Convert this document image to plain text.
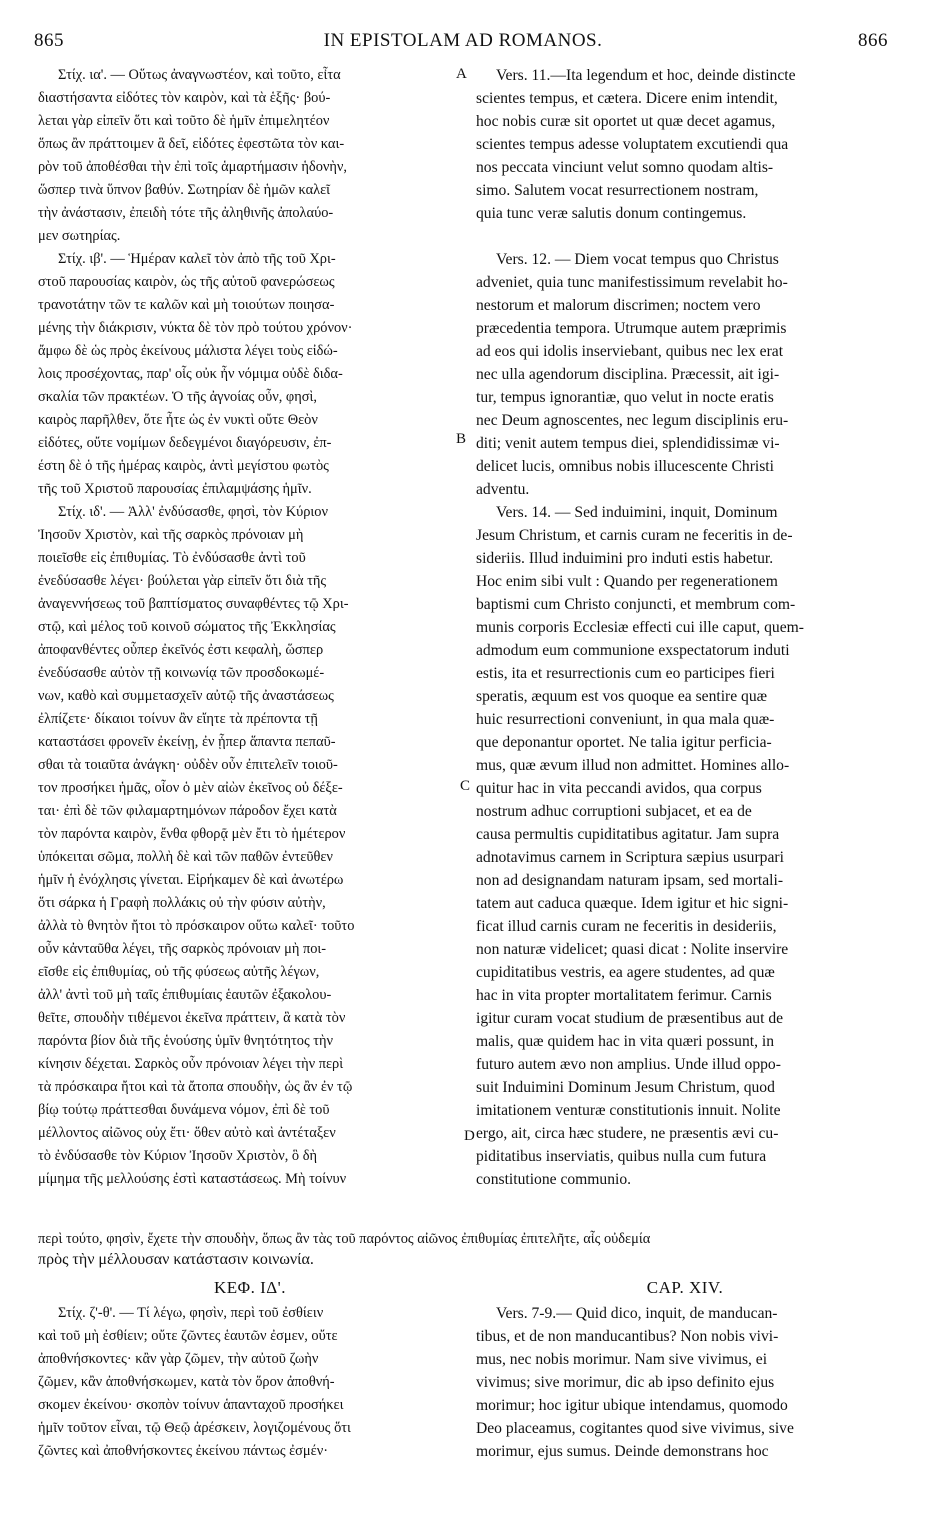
865	IN EPISTOLAM AD ROMANOS.	866
A
B
C
D
Στίχ. ια'. — Οὕτως ἀναγνωστέον, καὶ τοῦτο, εἶτα
διαστήσαντα εἰδότες τὸν καιρὸν, καὶ τὰ ἑξῆς· βού-
λεται γὰρ εἰπεῖν ὅτι καὶ τοῦτο δὲ ἡμῖν ἐπιμελητέον
ὅπως ἂν πράττοιμεν ἃ δεῖ, εἰδότες ἐφεστῶτα τὸν και-
ρὸν τοῦ ἀποθέσθαι τὴν ἐπὶ τοῖς ἁμαρτήμασιν ἡδονὴν,
ὥσπερ τινὰ ὕπνον βαθύν. Σωτηρίαν δὲ ἡμῶν καλεῖ
τὴν ἀνάστασιν, ἐπειδὴ τότε τῆς ἀληθινῆς ἀπολαύο-
μεν σωτηρίας.
Στίχ. ιβ'. — Ἡμέραν καλεῖ τὸν ἀπὸ τῆς τοῦ Χρι-
στοῦ παρουσίας καιρὸν, ὡς τῆς αὐτοῦ φανερώσεως
τρανοτάτην τῶν τε καλῶν καὶ μὴ τοιούτων ποιησα-
μένης τὴν διάκρισιν, νύκτα δὲ τὸν πρὸ τούτου χρόνον·
ἄμφω δὲ ὡς πρὸς ἐκείνους μάλιστα λέγει τοὺς εἰδώ-
λοις προσέχοντας, παρ' οἷς οὐκ ἦν νόμιμα οὐδὲ διδα-
σκαλία τῶν πρακτέων. Ὁ τῆς ἀγνοίας οὖν, φησὶ,
καιρὸς παρῆλθεν, ὅτε ἦτε ὡς ἐν νυκτὶ οὔτε Θεὸν
εἰδότες, οὔτε νομίμων δεδεγμένοι διαγόρευσιν, ἐπ-
έστη δὲ ὁ τῆς ἡμέρας καιρὸς, ἀντὶ μεγίστου φωτὸς
τῆς τοῦ Χριστοῦ παρουσίας ἐπιλαμψάσης ἡμῖν.
Στίχ. ιδ'. — Ἀλλ' ἐνδύσασθε, φησὶ, τὸν Κύριον
Ἰησοῦν Χριστὸν, καὶ τῆς σαρκὸς πρόνοιαν μὴ
ποιεῖσθε εἰς ἐπιθυμίας. Τὸ ἐνδύσασθε ἀντὶ τοῦ
ἐνεδύσασθε λέγει· βούλεται γὰρ εἰπεῖν ὅτι διὰ τῆς
ἀναγεννήσεως τοῦ βαπτίσματος συναφθέντες τῷ Χρι-
στῷ, καὶ μέλος τοῦ κοινοῦ σώματος τῆς Ἐκκλησίας
ἀποφανθέντες οὗπερ ἐκεῖνός ἐστι κεφαλὴ, ὥσπερ
ἐνεδύσασθε αὐτὸν τῇ κοινωνίᾳ τῶν προσδοκωμέ-
νων, καθὸ καὶ συμμετασχεῖν αὐτῷ τῆς ἀναστάσεως
ἐλπίζετε· δίκαιοι τοίνυν ἂν εἴητε τὰ πρέποντα τῇ
καταστάσει φρονεῖν ἐκείνῃ, ἐν ᾗπερ ἅπαντα πεπαῦ-
σθαι τὰ τοιαῦτα ἀνάγκη· οὐδὲν οὖν ἐπιτελεῖν τοιοῦ-
τον προσήκει ἡμᾶς, οἷον ὁ μὲν αἰὼν ἐκεῖνος οὐ δέξε-
ται· ἐπὶ δὲ τῶν φιλαμαρτημόνων πάροδον ἔχει κατὰ
τὸν παρόντα καιρὸν, ἔνθα φθορᾷ μὲν ἔτι τὸ ἡμέτερον
ὑπόκειται σῶμα, πολλὴ δὲ καὶ τῶν παθῶν ἐντεῦθεν
ἡμῖν ἡ ἐνόχλησις γίνεται. Εἰρήκαμεν δὲ καὶ ἀνωτέρω
ὅτι σάρκα ἡ Γραφὴ πολλάκις οὐ τὴν φύσιν αὐτὴν,
ἀλλὰ τὸ θνητὸν ἤτοι τὸ πρόσκαιρον οὕτω καλεῖ· τοῦτο
οὖν κἀνταῦθα λέγει, τῆς σαρκὸς πρόνοιαν μὴ ποι-
εῖσθε εἰς ἐπιθυμίας, οὐ τῆς φύσεως αὐτῆς λέγων,
ἀλλ' ἀντὶ τοῦ μὴ ταῖς ἐπιθυμίαις ἑαυτῶν ἐξακολου-
θεῖτε, σπουδὴν τιθέμενοι ἐκεῖνα πράττειν, ἃ κατὰ τὸν
παρόντα βίον διὰ τῆς ἑνούσης ὑμῖν θνητότητος τὴν
κίνησιν δέχεται. Σαρκὸς οὖν πρόνοιαν λέγει τὴν περὶ
τὰ πρόσκαιρα ἤτοι καὶ τὰ ἄτοπα σπουδὴν, ὡς ἂν ἐν τῷ
βίῳ τούτῳ πράττεσθαι δυνάμενα νόμον, ἐπὶ δὲ τοῦ
μέλλοντος αἰῶνος οὐχ ἔτι· ὅθεν αὐτὸ καὶ ἀντέταξεν
τὸ ἐνδύσασθε τὸν Κύριον Ἰησοῦν Χριστὸν, ὃ δὴ
μίμημα τῆς μελλούσης ἐστὶ καταστάσεως. Μὴ τοίνυν
Vers. 11.—Ita legendum et hoc, deinde distincte
scientes tempus, et cætera. Dicere enim intendit,
hoc nobis curæ sit oportet ut quæ decet agamus,
scientes tempus adesse voluptatem excutiendi qua
nos peccata vinciunt velut somno quodam altis-
simo. Salutem vocat resurrectionem nostram,
quia tunc veræ salutis donum contingemus.
Vers. 12. — Diem vocat tempus quo Christus
adveniet, quia tunc manifestissimum revelabit ho-
nestorum et malorum discrimen; noctem vero
præcedentia tempora. Utrumque autem præprimis
ad eos qui idolis inserviebant, quibus nec lex erat
nec ulla agendorum disciplina. Præcessit, ait igi-
tur, tempus ignorantiæ, quo velut in nocte eratis
nec Deum agnoscentes, nec legum disciplinis eru-
diti; venit autem tempus diei, splendidissimæ vi-
delicet lucis, omnibus nobis illucescente Christi
adventu.
Vers. 14. — Sed induimini, inquit, Dominum
Jesum Christum, et carnis curam ne feceritis in de-
sideriis. Illud induimini pro induti estis habetur.
Hoc enim sibi vult : Quando per regenerationem
baptismi cum Christo conjuncti, et membrum com-
munis corporis Ecclesiæ effecti cui ille caput, quem-
admodum eum communione exspectatorum induti
estis, ita et resurrectionis cum eo participes fieri
speratis, æquum est vos quoque ea sentire quæ
huic resurrectioni conveniunt, in qua mala quæ-
que deponantur oportet. Ne talia igitur perficia-
mus, quæ ævum illud non admittet. Homines allo-
quitur hac in vita peccandi avidos, qua corpus
nostrum adhuc corruptioni subjacet, et ea de
causa permultis cupiditatibus agitatur. Jam supra
adnotavimus carnem in Scriptura sæpius usurpari
non ad designandam naturam ipsam, sed mortali-
tatem aut caduca quæque. Idem igitur et hic signi-
ficat illud carnis curam ne feceritis in desideriis,
non naturæ videlicet; quasi dicat : Nolite inservire
cupiditatibus vestris, ea agere studentes, ad quæ
hac in vita propter mortalitatem ferimur. Carnis
igitur curam vocat studium de præsentibus aut de
malis, quæ quidem hac in vita quæri possunt, in
futuro autem ævo non amplius. Unde illud oppo-
suit Induimini Dominum Jesum Christum, quod
imitationem venturæ constitutionis innuit. Nolite
ergo, ait, circa hæc studere, ne præsentis ævi cu-
piditatibus inserviatis, quibus nulla cum futura
constitutione communio.
περὶ τούτο, φησὶν, ἔχετε τὴν σπουδὴν, ὅπως ἂν τὰς τοῦ παρόντος αἰῶνος ἐπιθυμίας ἐπιτελῆτε, αἷς οὐδεμία
πρὸς τὴν μέλλουσαν κατάστασιν κοινωνία.
ΚΕΦ. ΙΔ'.
Στίχ. ζ'-θ'. — Τί λέγω, φησὶν, περὶ τοῦ ἐσθίειν
καὶ τοῦ μὴ ἐσθίειν; οὔτε ζῶντες ἑαυτῶν ἐσμεν, οὔτε
ἀποθνήσκοντες· κἂν γὰρ ζῶμεν, τὴν αὐτοῦ ζωὴν
ζῶμεν, κἂν ἀποθνήσκωμεν, κατὰ τὸν ὅρον ἀποθνή-
σκομεν ἐκείνου· σκοπὸν τοίνυν ἁπανταχοῦ προσήκει
ἡμῖν τοῦτον εἶναι, τῷ Θεῷ ἀρέσκειν, λογιζομένους ὅτι
ζῶντες καὶ ἀποθνήσκοντες ἐκείνου πάντως ἐσμέν·
CAP. XIV.
Vers. 7-9.— Quid dico, inquit, de manducan-
tibus, et de non manducantibus? Non nobis vivi-
mus, nec nobis morimur. Nam sive vivimus, ei
vivimus; sive morimur, dic ab ipso definito ejus
morimur; hoc igitur ubique intendamus, quomodo
Deo placeamus, cogitantes quod sive vivimus, sive
morimur, ejus sumus. Deinde demonstrans hoc
